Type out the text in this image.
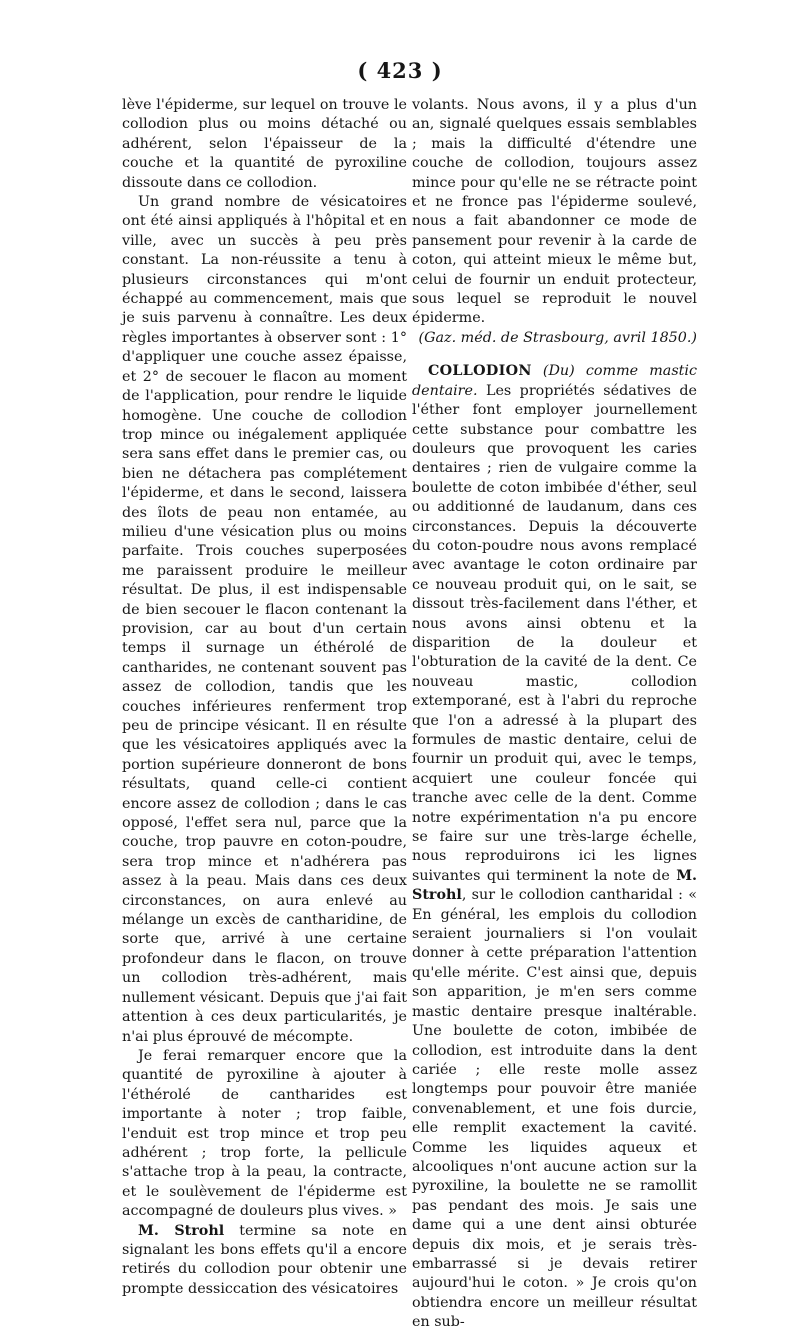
( 423 )

lève l'épiderme, sur lequel on trouve le collodion plus ou moins détaché ou adhérent, selon l'épaisseur de la couche et la quantité de pyroxiline dissoute dans ce collodion.

Un grand nombre de vésicatoires ont été ainsi appliqués à l'hôpital et en ville, avec un succès à peu près constant. La non-réussite a tenu à plusieurs circonstances qui m'ont échappé au commencement, mais que je suis parvenu à connaître. Les deux règles importantes à observer sont : 1° d'appliquer une couche assez épaisse, et 2° de secouer le flacon au moment de l'application, pour rendre le liquide homogène. Une couche de collodion trop mince ou inégalement appliquée sera sans effet dans le premier cas, ou bien ne détachera pas complétement l'épiderme, et dans le second, laissera des îlots de peau non entamée, au milieu d'une vésication plus ou moins parfaite. Trois couches superposées me paraissent produire le meilleur résultat. De plus, il est indispensable de bien secouer le flacon contenant la provision, car au bout d'un certain temps il surnage un éthérolé de cantharides, ne contenant souvent pas assez de collodion, tandis que les couches inférieures renferment trop peu de principe vésicant. Il en résulte que les vésicatoires appliqués avec la portion supérieure donneront de bons résultats, quand celle-ci contient encore assez de collodion ; dans le cas opposé, l'effet sera nul, parce que la couche, trop pauvre en coton-poudre, sera trop mince et n'adhérera pas assez à la peau. Mais dans ces deux circonstances, on aura enlevé au mélange un excès de cantharidine, de sorte que, arrivé à une certaine profondeur dans le flacon, on trouve un collodion très-adhérent, mais nullement vésicant. Depuis que j'ai fait attention à ces deux particularités, je n'ai plus éprouvé de mécompte.

Je ferai remarquer encore que la quantité de pyroxiline à ajouter à l'éthérolé de cantharides est importante à noter ; trop faible, l'enduit est trop mince et trop peu adhérent ; trop forte, la pellicule s'attache trop à la peau, la contracte, et le soulèvement de l'épiderme est accompagné de douleurs plus vives. »

M. Strohl termine sa note en signalant les bons effets qu'il a encore retirés du collodion pour obtenir une prompte dessiccation des vésicatoires

volants. Nous avons, il y a plus d'un an, signalé quelques essais semblables ; mais la difficulté d'étendre une couche de collodion, toujours assez mince pour qu'elle ne se rétracte point et ne fronce pas l'épiderme soulevé, nous a fait abandonner ce mode de pansement pour revenir à la carde de coton, qui atteint mieux le même but, celui de fournir un enduit protecteur, sous lequel se reproduit le nouvel épiderme.

(Gaz. méd. de Strasbourg, avril 1850.)

COLLODION (Du) comme mastic dentaire. Les propriétés sédatives de l'éther font employer journellement cette substance pour combattre les douleurs que provoquent les caries dentaires ; rien de vulgaire comme la boulette de coton imbibée d'éther, seul ou additionné de laudanum, dans ces circonstances. Depuis la découverte du coton-poudre nous avons remplacé avec avantage le coton ordinaire par ce nouveau produit qui, on le sait, se dissout très-facilement dans l'éther, et nous avons ainsi obtenu et la disparition de la douleur et l'obturation de la cavité de la dent. Ce nouveau mastic, collodion extemporané, est à l'abri du reproche que l'on a adressé à la plupart des formules de mastic dentaire, celui de fournir un produit qui, avec le temps, acquiert une couleur foncée qui tranche avec celle de la dent. Comme notre expérimentation n'a pu encore se faire sur une très-large échelle, nous reproduirons ici les lignes suivantes qui terminent la note de M. Strohl, sur le collodion cantharidal : « En général, les emplois du collodion seraient journaliers si l'on voulait donner à cette préparation l'attention qu'elle mérite. C'est ainsi que, depuis son apparition, je m'en sers comme mastic dentaire presque inaltérable. Une boulette de coton, imbibée de collodion, est introduite dans la dent cariée ; elle reste molle assez longtemps pour pouvoir être maniée convenablement, et une fois durcie, elle remplit exactement la cavité. Comme les liquides aqueux et alcooliques n'ont aucune action sur la pyroxiline, la boulette ne se ramollit pas pendant des mois. Je sais une dame qui a une dent ainsi obturée depuis dix mois, et je serais très-embarrassé si je devais retirer aujourd'hui le coton. » Je crois qu'on obtiendra encore un meilleur résultat en sub-
